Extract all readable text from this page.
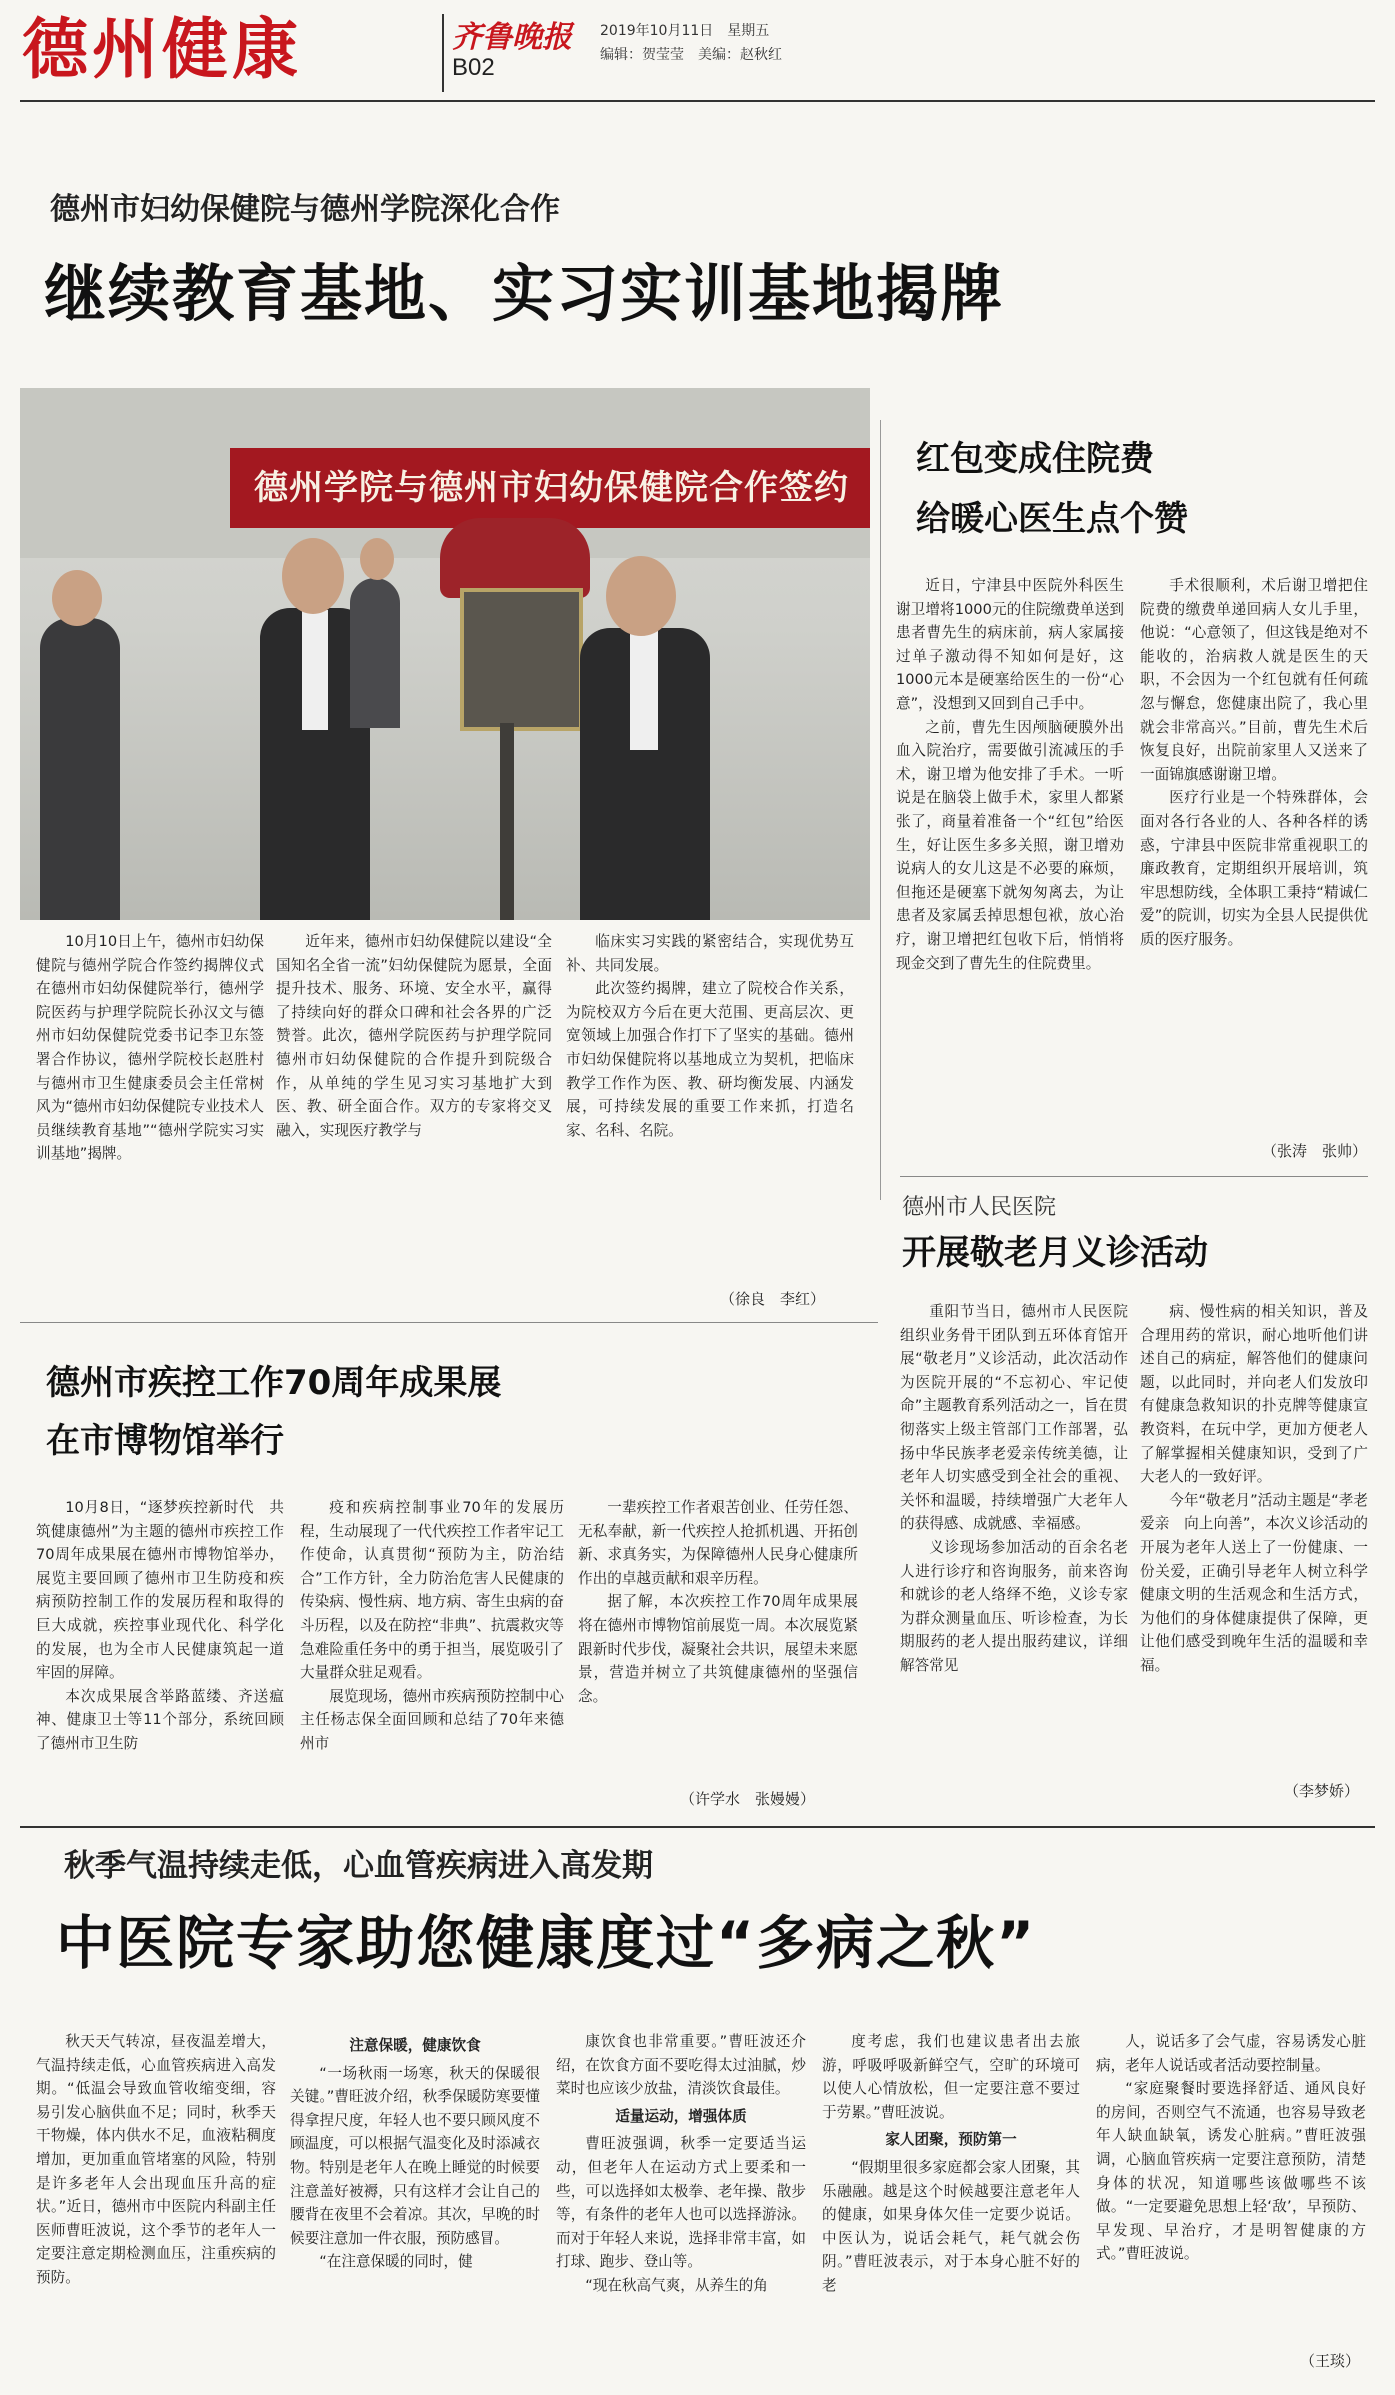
德州健康	齐鲁晚报
B02
2019年10月11日　星期五
编辑：贺莹莹　美编：赵秋红
德州市妇幼保健院与德州学院深化合作
继续教育基地、实习实训基地揭牌
德州学院与德州市妇幼保健院合作签约

10月10日上午，德州市妇幼保健院与德州学院合作签约揭牌仪式在德州市妇幼保健院举行，德州学院医药与护理学院院长孙汉文与德州市妇幼保健院党委书记李卫东签署合作协议，德州学院校长赵胜村与德州市卫生健康委员会主任常树风为“德州市妇幼保健院专业技术人员继续教育基地”“德州学院实习实训基地”揭牌。

近年来，德州市妇幼保健院以建设“全国知名全省一流”妇幼保健院为愿景，全面提升技术、服务、环境、安全水平，赢得了持续向好的群众口碑和社会各界的广泛赞誉。此次，德州学院医药与护理学院同德州市妇幼保健院的合作提升到院级合作，从单纯的学生见习实习基地扩大到医、教、研全面合作。双方的专家将交叉融入，实现医疗教学与

临床实习实践的紧密结合，实现优势互补、共同发展。

此次签约揭牌，建立了院校合作关系，为院校双方今后在更大范围、更高层次、更宽领域上加强合作打下了坚实的基础。德州市妇幼保健院将以基地成立为契机，把临床教学工作作为医、教、研均衡发展、内涵发展，可持续发展的重要工作来抓，打造名家、名科、名院。

（徐良　李红）
红包变成住院费
给暖心医生点个赞

近日，宁津县中医院外科医生谢卫增将1000元的住院缴费单送到患者曹先生的病床前，病人家属接过单子激动得不知如何是好，这1000元本是硬塞给医生的一份“心意”，没想到又回到自己手中。

之前，曹先生因颅脑硬膜外出血入院治疗，需要做引流减压的手术，谢卫增为他安排了手术。一听说是在脑袋上做手术，家里人都紧张了，商量着准备一个“红包”给医生，好让医生多多关照，谢卫增劝说病人的女儿这是不必要的麻烦，但拖还是硬塞下就匆匆离去，为让患者及家属丢掉思想包袱，放心治疗，谢卫增把红包收下后，悄悄将现金交到了曹先生的住院费里。

手术很顺利，术后谢卫增把住院费的缴费单递回病人女儿手里，他说：“心意领了，但这钱是绝对不能收的，治病救人就是医生的天职，不会因为一个红包就有任何疏忽与懈怠，您健康出院了，我心里就会非常高兴。”目前，曹先生术后恢复良好，出院前家里人又送来了一面锦旗感谢谢卫增。

医疗行业是一个特殊群体，会面对各行各业的人、各种各样的诱惑，宁津县中医院非常重视职工的廉政教育，定期组织开展培训，筑牢思想防线，全体职工秉持“精诚仁爱”的院训，切实为全县人民提供优质的医疗服务。

（张涛　张帅）
德州市人民医院
开展敬老月义诊活动

重阳节当日，德州市人民医院组织业务骨干团队到五环体育馆开展“敬老月”义诊活动，此次活动作为医院开展的“不忘初心、牢记使命”主题教育系列活动之一，旨在贯彻落实上级主管部门工作部署，弘扬中华民族孝老爱亲传统美德，让老年人切实感受到全社会的重视、关怀和温暖，持续增强广大老年人的获得感、成就感、幸福感。

义诊现场参加活动的百余名老人进行诊疗和咨询服务，前来咨询和就诊的老人络绎不绝，义诊专家为群众测量血压、听诊检查，为长期服药的老人提出服药建议，详细解答常见

病、慢性病的相关知识，普及合理用药的常识，耐心地听他们讲述自己的病症，解答他们的健康问题，以此同时，并向老人们发放印有健康急救知识的扑克牌等健康宣教资料，在玩中学，更加方便老人了解掌握相关健康知识，受到了广大老人的一致好评。

今年“敬老月”活动主题是“孝老爱亲　向上向善”，本次义诊活动的开展为老年人送上了一份健康、一份关爱，正确引导老年人树立科学健康文明的生活观念和生活方式，为他们的身体健康提供了保障，更让他们感受到晚年生活的温暖和幸福。

（李梦娇）
德州市疾控工作70周年成果展
在市博物馆举行

10月8日，“逐梦疾控新时代　共筑健康德州”为主题的德州市疾控工作70周年成果展在德州市博物馆举办，展览主要回顾了德州市卫生防疫和疾病预防控制工作的发展历程和取得的巨大成就，疾控事业现代化、科学化的发展，也为全市人民健康筑起一道牢固的屏障。

本次成果展含举路蓝缕、齐送瘟神、健康卫士等11个部分，系统回顾了德州市卫生防

疫和疾病控制事业70年的发展历程，生动展现了一代代疾控工作者牢记工作使命，认真贯彻“预防为主，防治结合”工作方针，全力防治危害人民健康的传染病、慢性病、地方病、寄生虫病的奋斗历程，以及在防控“非典”、抗震救灾等急难险重任务中的勇于担当，展览吸引了大量群众驻足观看。

展览现场，德州市疾病预防控制中心主任杨志保全面回顾和总结了70年来德州市

一辈疾控工作者艰苦创业、任劳任怨、无私奉献，新一代疾控人抢抓机遇、开拓创新、求真务实，为保障德州人民身心健康所作出的卓越贡献和艰辛历程。

据了解，本次疾控工作70周年成果展将在德州市博物馆前展览一周。本次展览紧跟新时代步伐，凝聚社会共识，展望未来愿景，营造并树立了共筑健康德州的坚强信念。

（许学水　张嫚嫚）
秋季气温持续走低，心血管疾病进入高发期
中医院专家助您健康度过“多病之秋”

秋天天气转凉，昼夜温差增大，气温持续走低，心血管疾病进入高发期。“低温会导致血管收缩变细，容易引发心脑供血不足；同时，秋季天干物燥，体内供水不足，血液粘稠度增加，更加重血管堵塞的风险，特别是许多老年人会出现血压升高的症状。”近日，德州市中医院内科副主任医师曹旺波说，这个季节的老年人一定要注意定期检测血压，注重疾病的预防。

注意保暖，健康饮食

“一场秋雨一场寒，秋天的保暖很关键。”曹旺波介绍，秋季保暖防寒要懂得拿捏尺度，年轻人也不要只顾风度不顾温度，可以根据气温变化及时添减衣物。特别是老年人在晚上睡觉的时候要注意盖好被褥，只有这样才会让自己的腰背在夜里不会着凉。其次，早晚的时候要注意加一件衣服，预防感冒。

“在注意保暖的同时，健

康饮食也非常重要。”曹旺波还介绍，在饮食方面不要吃得太过油腻，炒菜时也应该少放盐，清淡饮食最佳。

适量运动，增强体质

曹旺波强调，秋季一定要适当运动，但老年人在运动方式上要柔和一些，可以选择如太极拳、老年操、散步等，有条件的老年人也可以选择游泳。而对于年轻人来说，选择非常丰富，如打球、跑步、登山等。

“现在秋高气爽，从养生的角

度考虑，我们也建议患者出去旅游，呼吸呼吸新鲜空气，空旷的环境可以使人心情放松，但一定要注意不要过于劳累。”曹旺波说。

家人团聚，预防第一

“假期里很多家庭都会家人团聚，其乐融融。越是这个时候越要注意老年人的健康，如果身体欠佳一定要少说话。中医认为，说话会耗气，耗气就会伤阴。”曹旺波表示，对于本身心脏不好的老

人，说话多了会气虚，容易诱发心脏病，老年人说话或者活动要控制量。

“家庭聚餐时要选择舒适、通风良好的房间，否则空气不流通，也容易导致老年人缺血缺氧，诱发心脏病。”曹旺波强调，心脑血管疾病一定要注意预防，清楚身体的状况，知道哪些该做哪些不该做。“一定要避免思想上轻‘敌’，早预防、早发现、早治疗，才是明智健康的方式。”曹旺波说。

（王琰）
